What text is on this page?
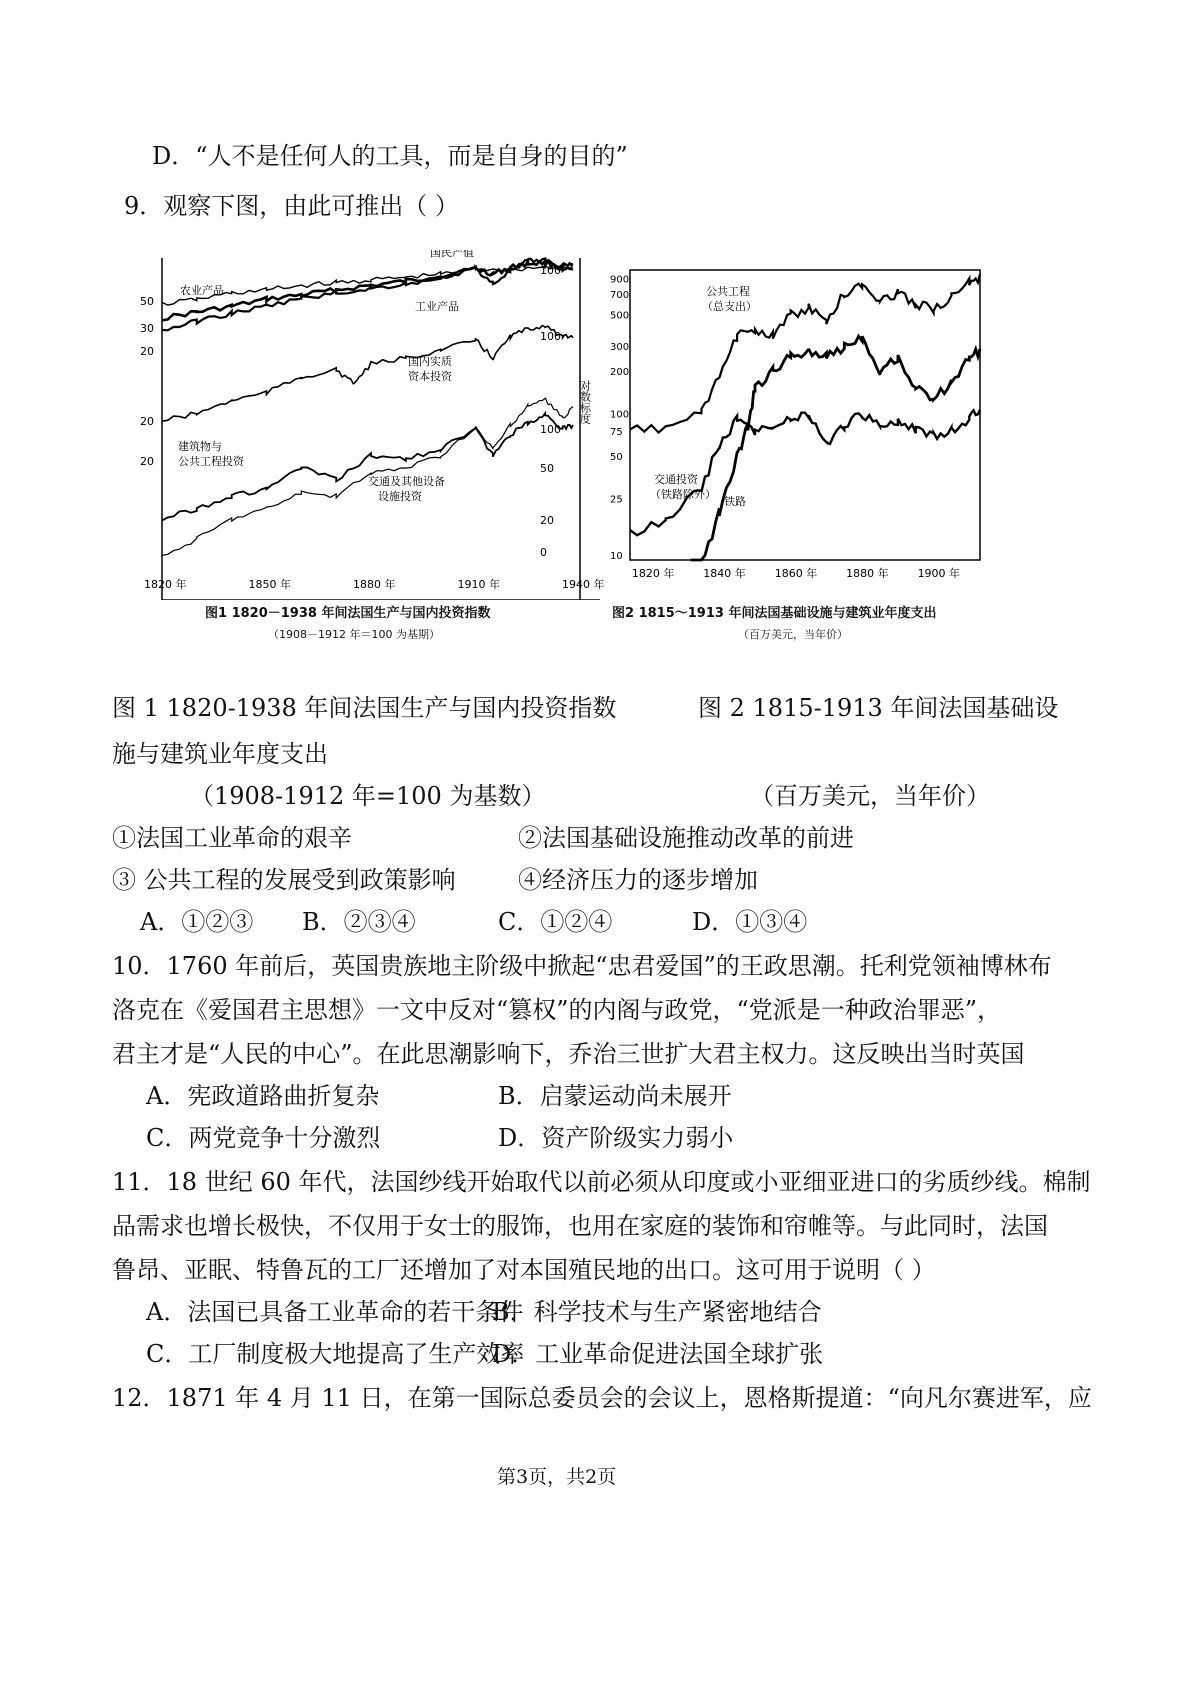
D．“人不是任何人的工具，而是自身的目的”
9．观察下图，由此可推出（ ）
1820 年	1850 年	1880 年	1910 年	1940 年
50
30
20
20
20
100
100
100
50
20
0
国民产值
农业产品
工业产品
国内实质
资本投资
建筑物与
公共工程投资
交通及其他设备
设施投资
对数标度
图1 1820－1938 年间法国生产与国内投资指数
（1908－1912 年＝100 为基期）
10
25
50
75
100
200
300
500
700
900
1820 年	1840 年	1860 年	1880 年	1900 年
公共工程
（总支出）
交通投资
（铁路除外）
铁路
图2 1815～1913 年间法国基础设施与建筑业年度支出
（百万美元，当年价）
图 1 1820-1938 年间法国生产与国内投资指数	图 2 1815-1913 年间法国基础设
施与建筑业年度支出
（1908-1912 年=100 为基数）	（百万美元，当年价）
①法国工业革命的艰辛	②法国基础设施推动改革的前进
③ 公共工程的发展受到政策影响	④经济压力的逐步增加
A．①②③ B．②③④	C．①②④	D．①③④
10．1760 年前后，英国贵族地主阶级中掀起“忠君爱国”的王政思潮。托利党领袖博林布
洛克在《爱国君主思想》一文中反对“篡权”的内阁与政党，“党派是一种政治罪恶”，
君主才是“人民的中心”。在此思潮影响下，乔治三世扩大君主权力。这反映出当时英国
A．宪政道路曲折复杂	B．启蒙运动尚未展开
C．两党竞争十分激烈	D．资产阶级实力弱小
11．18 世纪 60 年代，法国纱线开始取代以前必须从印度或小亚细亚进口的劣质纱线。棉制
品需求也增长极快，不仅用于女士的服饰，也用在家庭的装饰和帘帷等。与此同时，法国
鲁昂、亚眠、特鲁瓦的工厂还增加了对本国殖民地的出口。这可用于说明（ ）
A．法国已具备工业革命的若干条件
B．科学技术与生产紧密地结合
C．工厂制度极大地提高了生产效率
D．工业革命促进法国全球扩张
12．1871 年 4 月 11 日，在第一国际总委员会的会议上，恩格斯提道：“向凡尔赛进军，应
第3页，共2页
